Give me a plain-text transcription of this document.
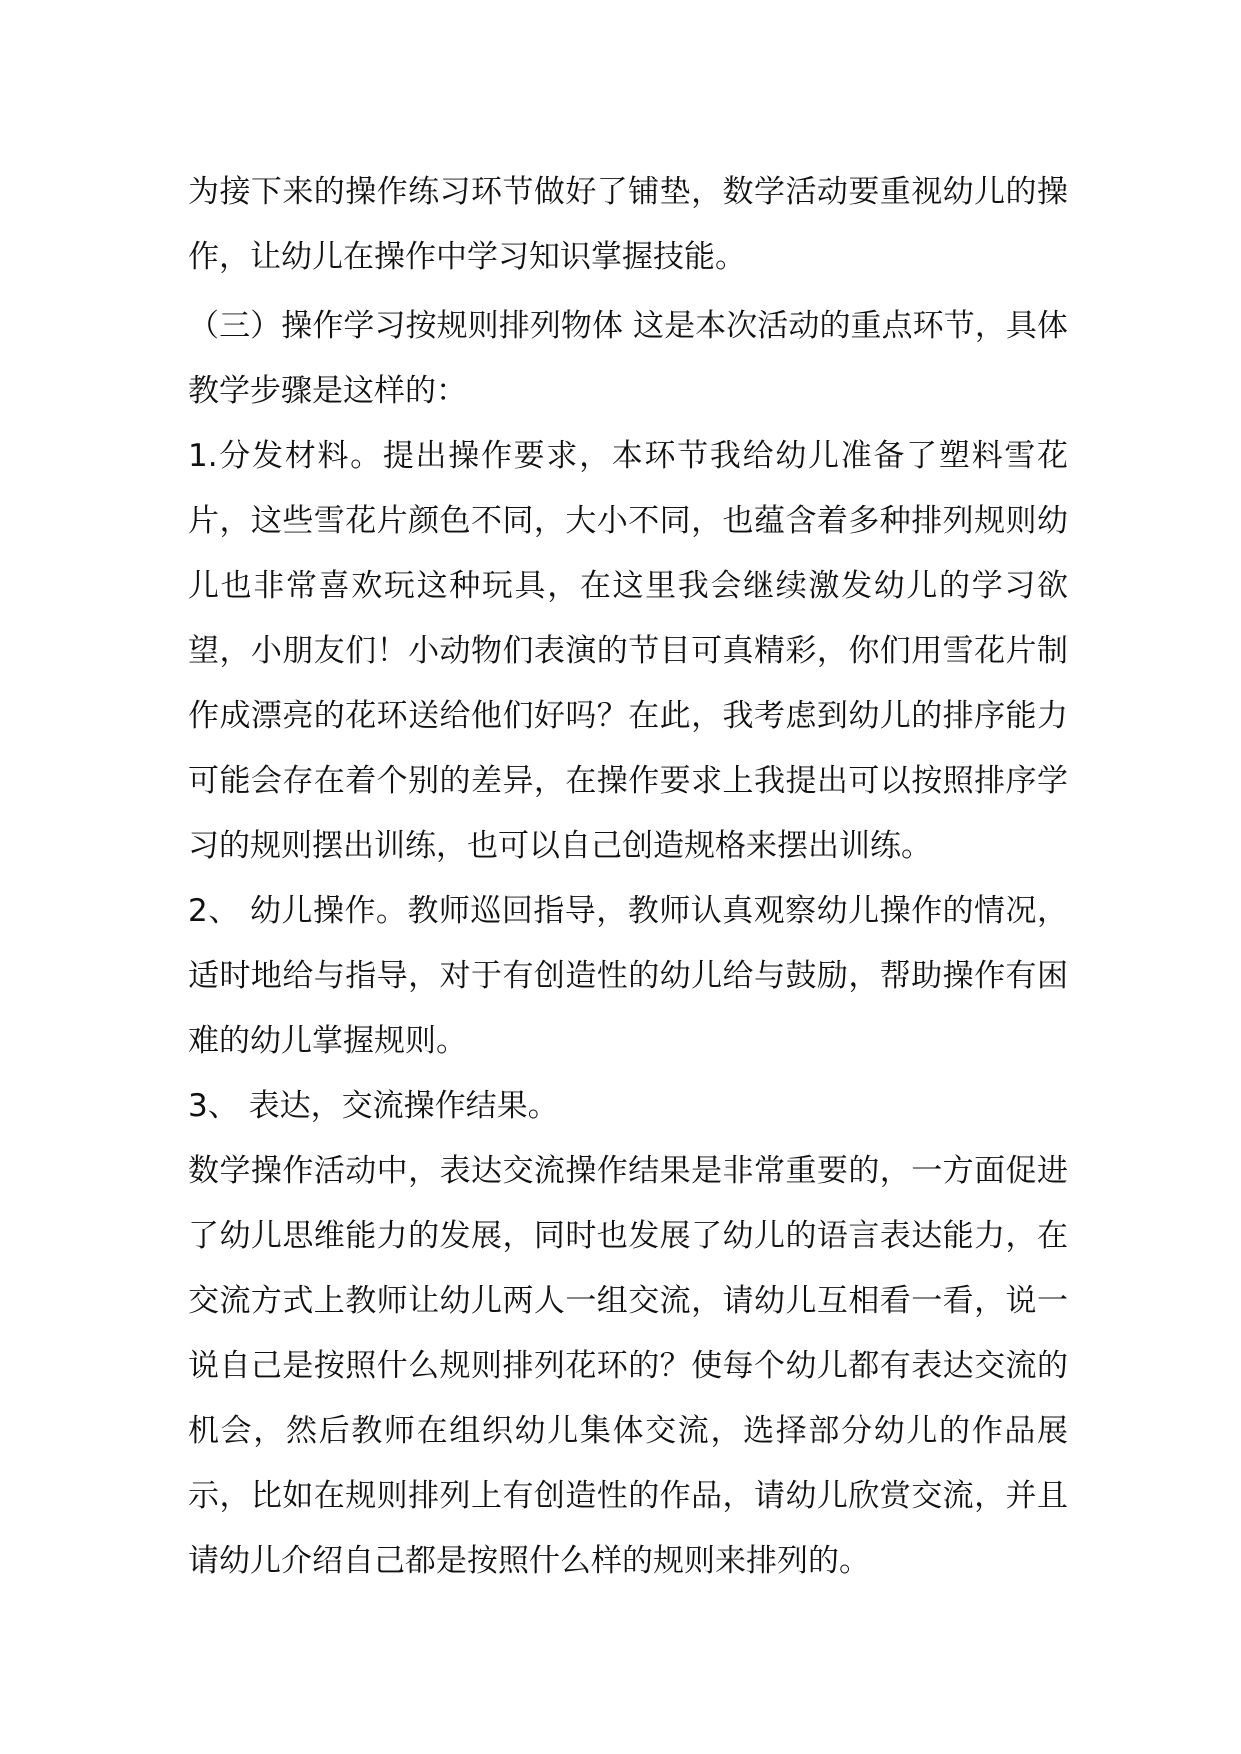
为接下来的操作练习环节做好了铺垫，数学活动要重视幼儿的操作，让幼儿在操作中学习知识掌握技能。

（三）操作学习按规则排列物体 这是本次活动的重点环节，具体教学步骤是这样的：

1.分发材料。提出操作要求，本环节我给幼儿准备了塑料雪花片，这些雪花片颜色不同，大小不同，也蕴含着多种排列规则幼儿也非常喜欢玩这种玩具，在这里我会继续激发幼儿的学习欲望，小朋友们！小动物们表演的节目可真精彩，你们用雪花片制作成漂亮的花环送给他们好吗？在此，我考虑到幼儿的排序能力可能会存在着个别的差异，在操作要求上我提出可以按照排序学习的规则摆出训练，也可以自己创造规格来摆出训练。

2、 幼儿操作。教师巡回指导，教师认真观察幼儿操作的情况，适时地给与指导，对于有创造性的幼儿给与鼓励，帮助操作有困难的幼儿掌握规则。

3、 表达，交流操作结果。

数学操作活动中，表达交流操作结果是非常重要的，一方面促进了幼儿思维能力的发展，同时也发展了幼儿的语言表达能力，在交流方式上教师让幼儿两人一组交流，请幼儿互相看一看，说一说自己是按照什么规则排列花环的？使每个幼儿都有表达交流的机会，然后教师在组织幼儿集体交流，选择部分幼儿的作品展示，比如在规则排列上有创造性的作品，请幼儿欣赏交流，并且请幼儿介绍自己都是按照什么样的规则来排列的。
